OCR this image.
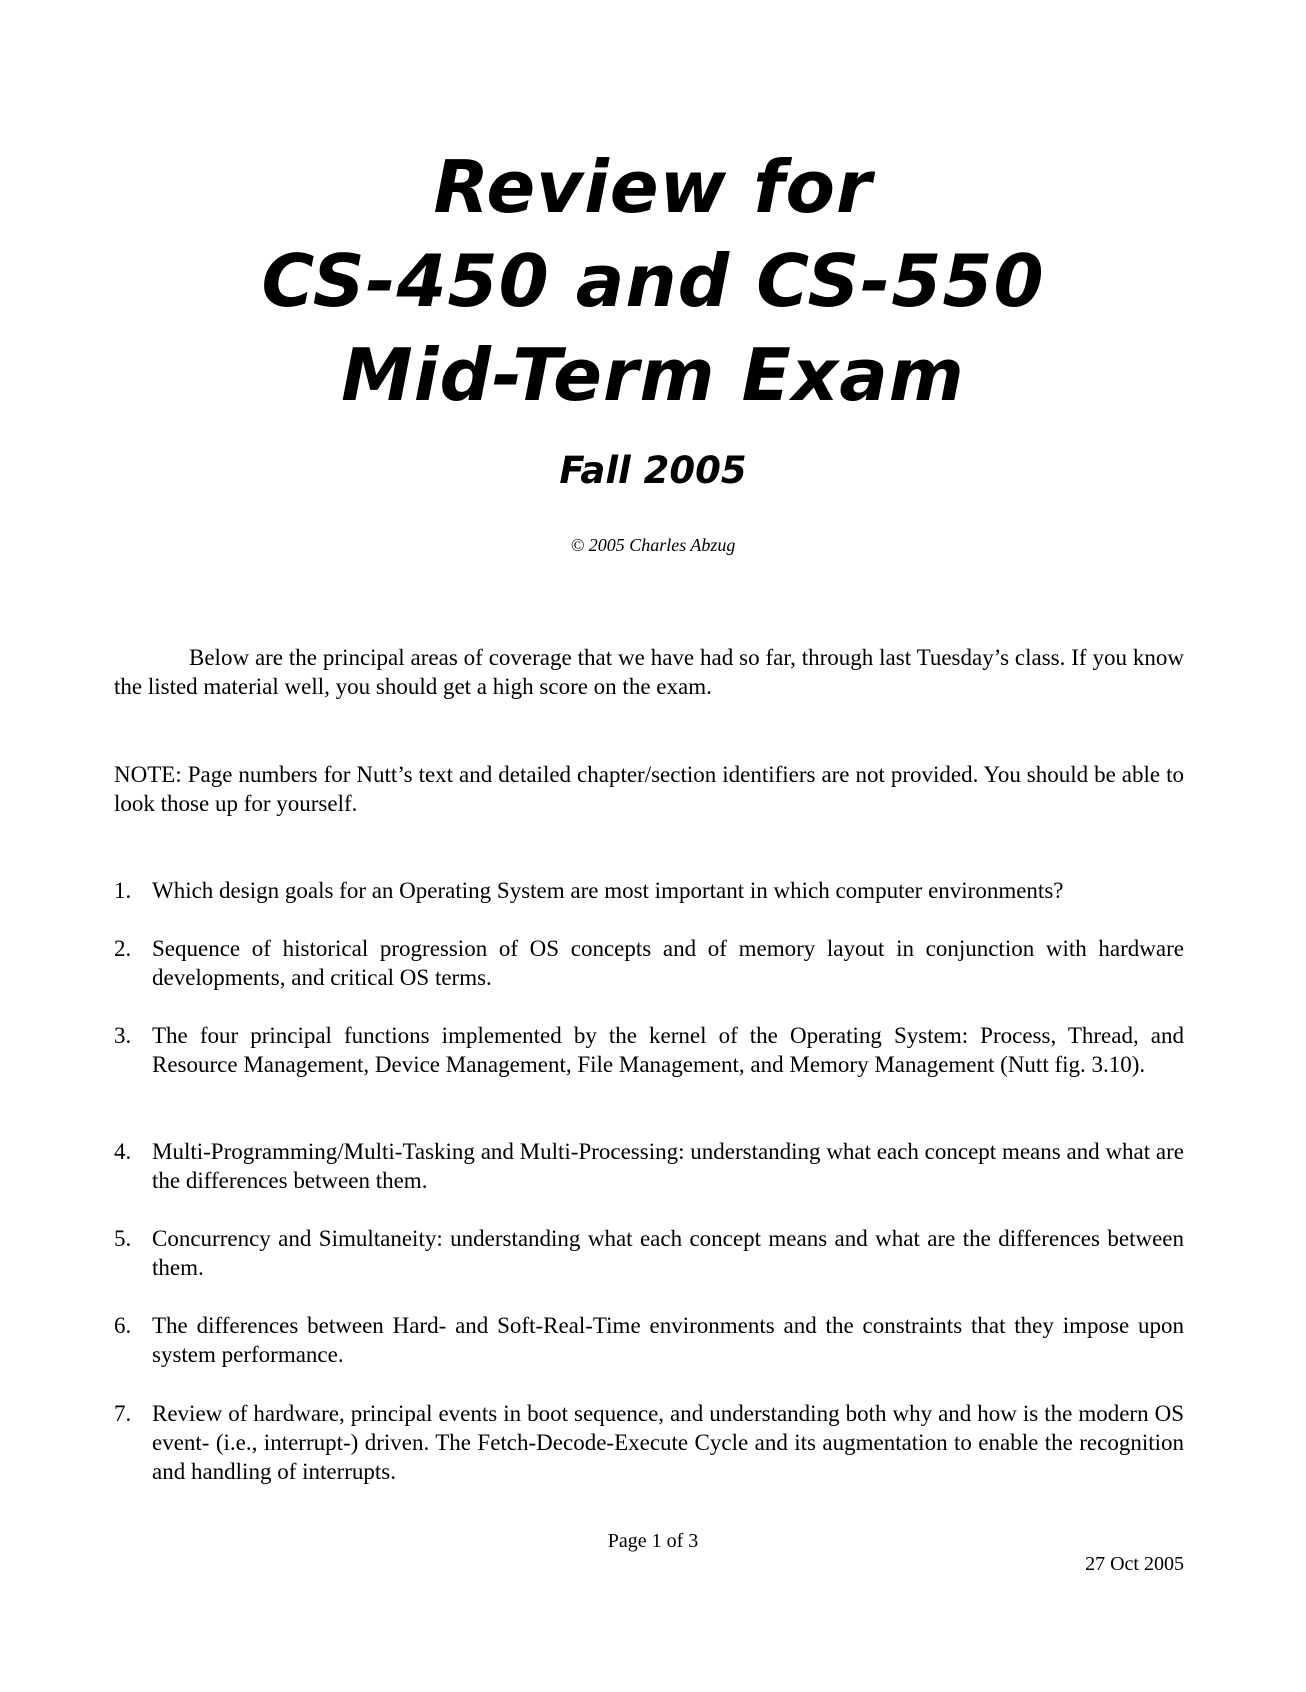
Review for
CS-450 and CS-550
Mid-Term Exam
Fall 2005
© 2005 Charles Abzug

Below are the principal areas of coverage that we have had so far, through last Tuesday’s class. If you know the listed material well, you should get a high score on the exam.

NOTE: Page numbers for Nutt’s text and detailed chapter/section identifiers are not provided. You should be able to look those up for yourself.

1. Which design goals for an Operating System are most important in which computer environments?
2. Sequence of historical progression of OS concepts and of memory layout in conjunction with hardware developments, and critical OS terms.
3. The four principal functions implemented by the kernel of the Operating System: Process, Thread, and Resource Management, Device Management, File Management, and Memory Management (Nutt fig. 3.10).
4. Multi-Programming/Multi-Tasking and Multi-Processing: understanding what each concept means and what are the differences between them.
5. Concurrency and Simultaneity: understanding what each concept means and what are the differences between them.
6. The differences between Hard- and Soft-Real-Time environments and the constraints that they impose upon system performance.
7. Review of hardware, principal events in boot sequence, and understanding both why and how is the modern OS event- (i.e., interrupt-) driven. The Fetch-Decode-Execute Cycle and its augmentation to enable the recognition and handling of interrupts.
Page 1 of 3
27 Oct 2005
